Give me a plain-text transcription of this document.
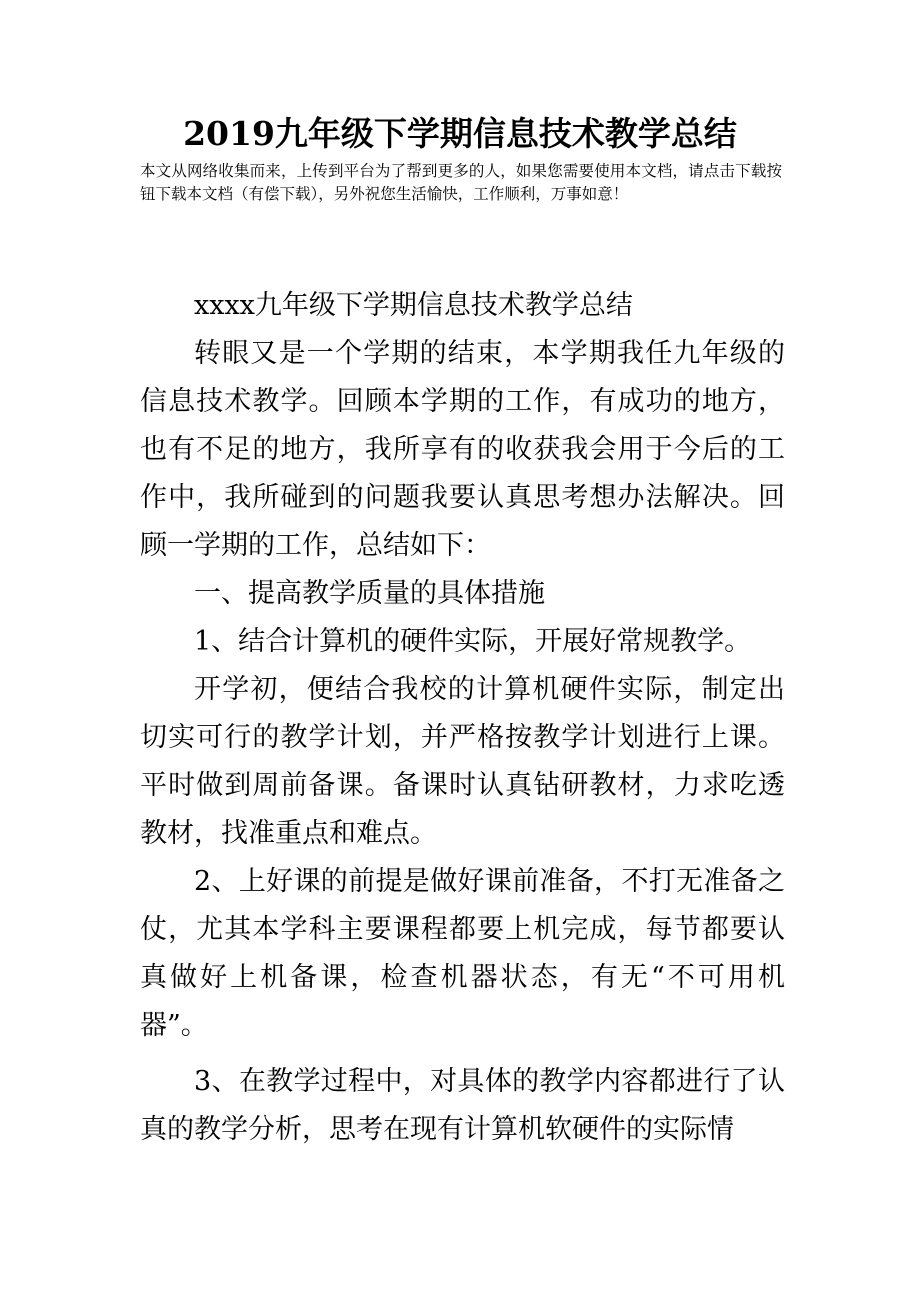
2019九年级下学期信息技术教学总结

本文从网络收集而来，上传到平台为了帮到更多的人，如果您需要使用本文档，请点击下载按钮下载本文档（有偿下载），另外祝您生活愉快，工作顺利，万事如意！

xxxx九年级下学期信息技术教学总结

转眼又是一个学期的结束，本学期我任九年级的信息技术教学。回顾本学期的工作，有成功的地方，也有不足的地方，我所享有的收获我会用于今后的工作中，我所碰到的问题我要认真思考想办法解决。回顾一学期的工作，总结如下：

一、提高教学质量的具体措施

1、结合计算机的硬件实际，开展好常规教学。

开学初，便结合我校的计算机硬件实际，制定出切实可行的教学计划，并严格按教学计划进行上课。平时做到周前备课。备课时认真钻研教材，力求吃透教材，找准重点和难点。

2、上好课的前提是做好课前准备，不打无准备之仗，尤其本学科主要课程都要上机完成，每节都要认真做好上机备课，检查机器状态，有无“不可用机器”。

3、在教学过程中，对具体的教学内容都进行了认真的教学分析，思考在现有计算机软硬件的实际情
